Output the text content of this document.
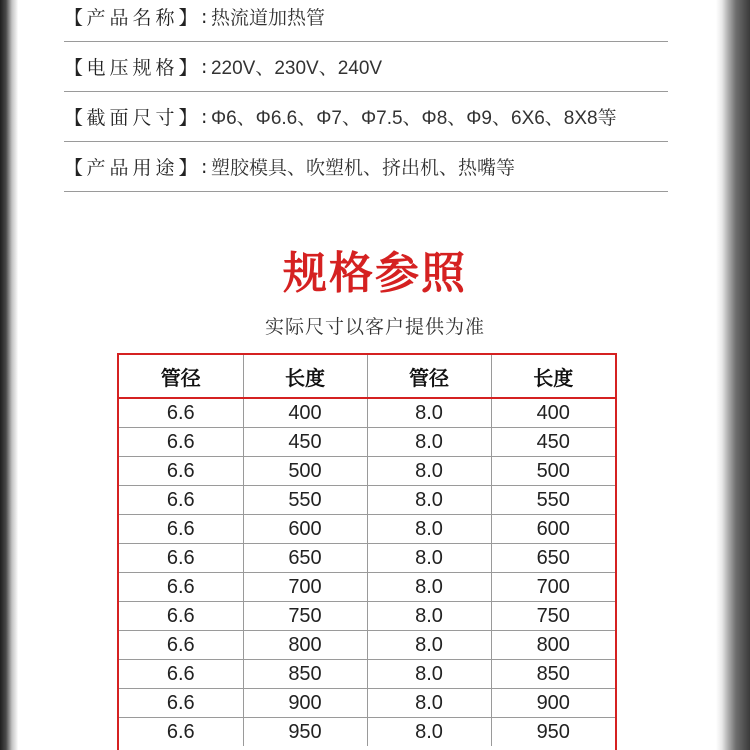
【 产品名称 】 : 热流道加热管
【 电压规格 】 : 220V、230V、240V
【 截面尺寸 】 : Φ6、Φ6.6、Φ7、Φ7.5、Φ8、Φ9、6X6、8X8等
【 产品用途 】 : 塑胶模具、吹塑机、挤出机、热嘴等
规格参照
实际尺寸以客户提供为准
管径	长度	管径	长度
6.6	400	8.0	400
6.6	450	8.0	450
6.6	500	8.0	500
6.6	550	8.0	550
6.6	600	8.0	600
6.6	650	8.0	650
6.6	700	8.0	700
6.6	750	8.0	750
6.6	800	8.0	800
6.6	850	8.0	850
6.6	900	8.0	900
6.6	950	8.0	950
